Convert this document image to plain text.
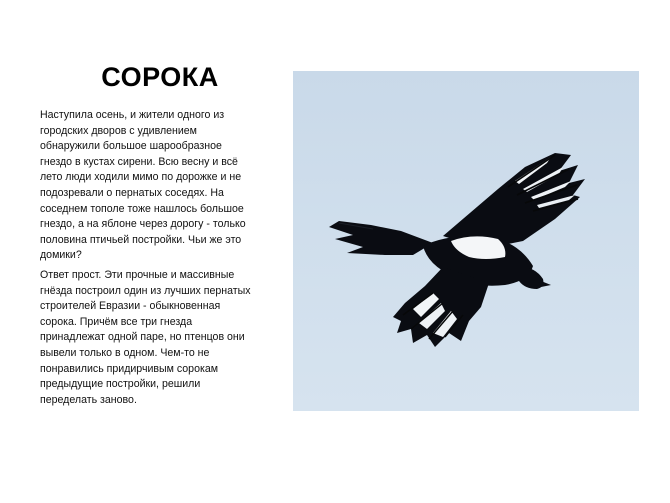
СОРОКА

Наступила осень, и жители одного из городских дворов с удивлением обнаружили большое шарообразное гнездо в кустах сирени. Всю весну и всё лето люди ходили мимо по дорожке и не подозревали о пернатых соседях. На соседнем тополе тоже нашлось большое гнездо, а на яблоне через дорогу - только половина птичьей постройки. Чьи же это домики?

Ответ прост. Эти прочные и массивные гнёзда построил один из лучших пернатых строителей Евразии - обыкновенная сорока. Причём все три гнезда принадлежат одной паре, но птенцов они вывели только в одном. Чем-то не понравились придирчивым сорокам предыдущие постройки, решили переделать заново.
